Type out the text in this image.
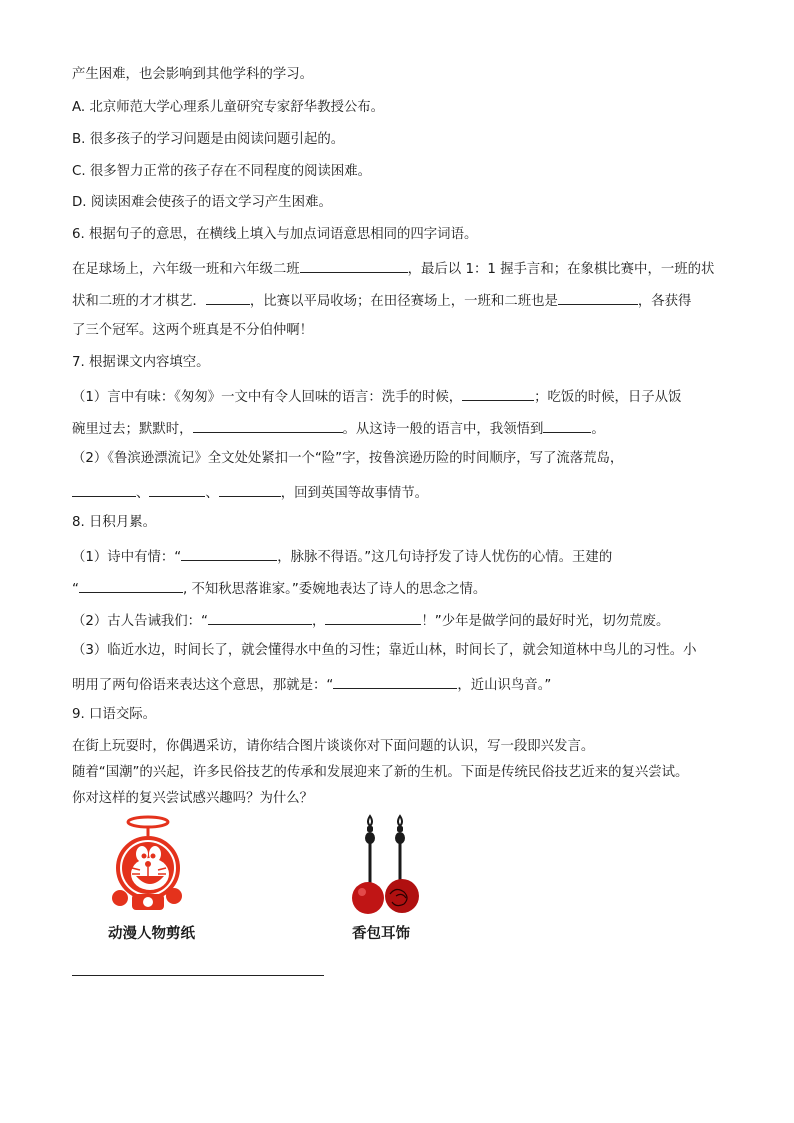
产生困难，也会影响到其他学科的学习。
A. 北京师范大学心理系儿童研究专家舒华教授公布。
B. 很多孩子的学习问题是由阅读问题引起的。
C. 很多智力正常的孩子存在不同程度的阅读困难。
D. 阅读困难会使孩子的语文学习产生困难。
6. 根据句子的意思，在横线上填入与加点词语意思相同的四字词语。
在足球场上，六年级一班和六年级二班	，最后以 1：1 握手言和；在象棋比赛中，一班的状
状和二班的才才棋艺．	，比赛以平局收场；在田径赛场上，一班和二班也是	，各获得
了三个冠军。这两个班真是不分伯仲啊！
7. 根据课文内容填空。
（1）言中有味：《匆匆》一文中有令人回味的语言：洗手的时候，	；吃饭的时候，日子从饭
碗里过去；默默时，	。从这诗一般的语言中，我领悟到	。
（2）《鲁滨逊漂流记》全文处处紧扣一个“险”字，按鲁滨逊历险的时间顺序，写了流落荒岛，
、	、	，回到英国等故事情节。
8. 日积月累。
（1）诗中有情：“	，脉脉不得语。”这几句诗抒发了诗人忧伤的心情。王建的
“	, 不知秋思落谁家。”委婉地表达了诗人的思念之情。
（2）古人告诫我们：“	，	！”少年是做学问的最好时光，切勿荒废。
（3）临近水边，时间长了，就会懂得水中鱼的习性；靠近山林，时间长了，就会知道林中鸟儿的习性。小
明用了两句俗语来表达这个意思，那就是：“	，近山识鸟音。”
9. 口语交际。
在街上玩耍时，你偶遇采访，请你结合图片谈谈你对下面问题的认识，写一段即兴发言。
随着“国潮”的兴起，许多民俗技艺的传承和发展迎来了新的生机。下面是传统民俗技艺近来的复兴尝试。
你对这样的复兴尝试感兴趣吗？为什么？
动漫人物剪纸	香包耳饰
